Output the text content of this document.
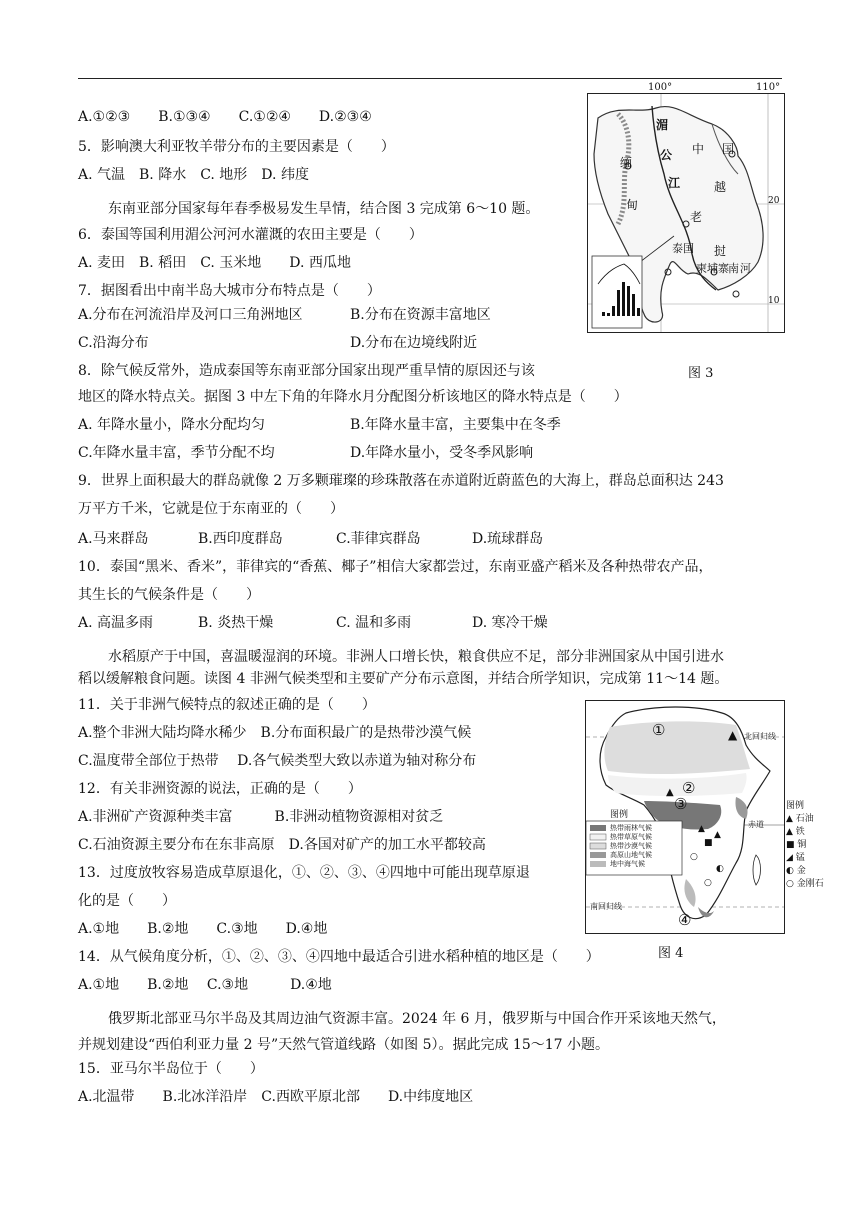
A.①②③　　B.①③④　　C.①②④　　D.②③④
5．影响澳大利亚牧羊带分布的主要因素是（　　）
A. 气温　B. 降水　C. 地形　D. 纬度
东南亚部分国家每年春季极易发生旱情，结合图 3 完成第 6〜10 题。
6．泰国等国利用湄公河河水灌溉的农田主要是（　　）
A. 麦田　B. 稻田　C. 玉米地　　D. 西瓜地
7．据图看出中南半岛大城市分布特点是（　　）
A.分布在河流沿岸及河口三角洲地区	B.分布在资源丰富地区
C.沿海分布	D.分布在边境线附近
8．除气候反常外，造成泰国等东南亚部分国家出现严重旱情的原因还与该
地区的降水特点关。据图 3 中左下角的年降水月分配图分析该地区的降水特点是（　　）
A. 年降水量小，降水分配均匀	B.年降水量丰富，主要集中在冬季
C.年降水量丰富，季节分配不均	D.年降水量小，受冬季风影响
9．世界上面积最大的群岛就像 2 万多颗璀璨的珍珠散落在赤道附近蔚蓝色的大海上，群岛总面积达 243
万平方千米，它就是位于东南亚的（　　）
A.马来群岛	B.西印度群岛	C.菲律宾群岛	D.琉球群岛
10．泰国“黑米、香米”，菲律宾的“香蕉、椰子”相信大家都尝过，东南亚盛产稻米及各种热带农产品，
其生长的气候条件是（　　）
A. 高温多雨	B. 炎热干燥	C. 温和多雨	D. 寒冷干燥
水稻原产于中国，喜温暖湿润的环境。非洲人口增长快，粮食供应不足，部分非洲国家从中国引进水
稻以缓解粮食问题。读图 4 非洲气候类型和主要矿产分布示意图，并结合所学知识，完成第 11〜14 题。
11．关于非洲气候特点的叙述正确的是（　　）
A.整个非洲大陆均降水稀少　B.分布面积最广的是热带沙漠气候
C.温度带全部位于热带　 D.各气候类型大致以赤道为轴对称分布
12．有关非洲资源的说法，正确的是（　　）
A.非洲矿产资源种类丰富　　　B.非洲动植物资源相对贫乏
C.石油资源主要分布在东非高原　D.各国对矿产的加工水平都较高
13．过度放牧容易造成草原退化，①、②、③、④四地中可能出现草原退
化的是（　　）
A.①地　　B.②地　　C.③地　　D.④地
14．从气候角度分析，①、②、③、④四地中最适合引进水稻种植的地区是（　　）
A.①地　　B.②地　 C.③地　　　D.④地
俄罗斯北部亚马尔半岛及其周边油气资源丰富。2024 年 6 月，俄罗斯与中国合作开采该地天然气，
并规划建设“西伯利亚力量 2 号”天然气管道线路（如图 5）。据此完成 15〜17 小题。
15．亚马尔半岛位于（　　）
A.北温带　　B.北冰洋沿岸　C.西欧平原北部　　D.中纬度地区
100°	110°
20
10
湄
公
江
中 国
缅
甸
越
老
挝
泰国
柬埔寨 河
南
图 3
▲
▲
▲
■
○
◐
○
▲
北回归线
赤道
南回归线
图例
①
②
③
④
热带雨林气候
热带草原气候
热带沙漠气候
高原山地气候
地中海气候
图例
▲ 石油
▲ 铁
■ 铜
◢ 锰
◐ 金
○ 金刚石
图 4
